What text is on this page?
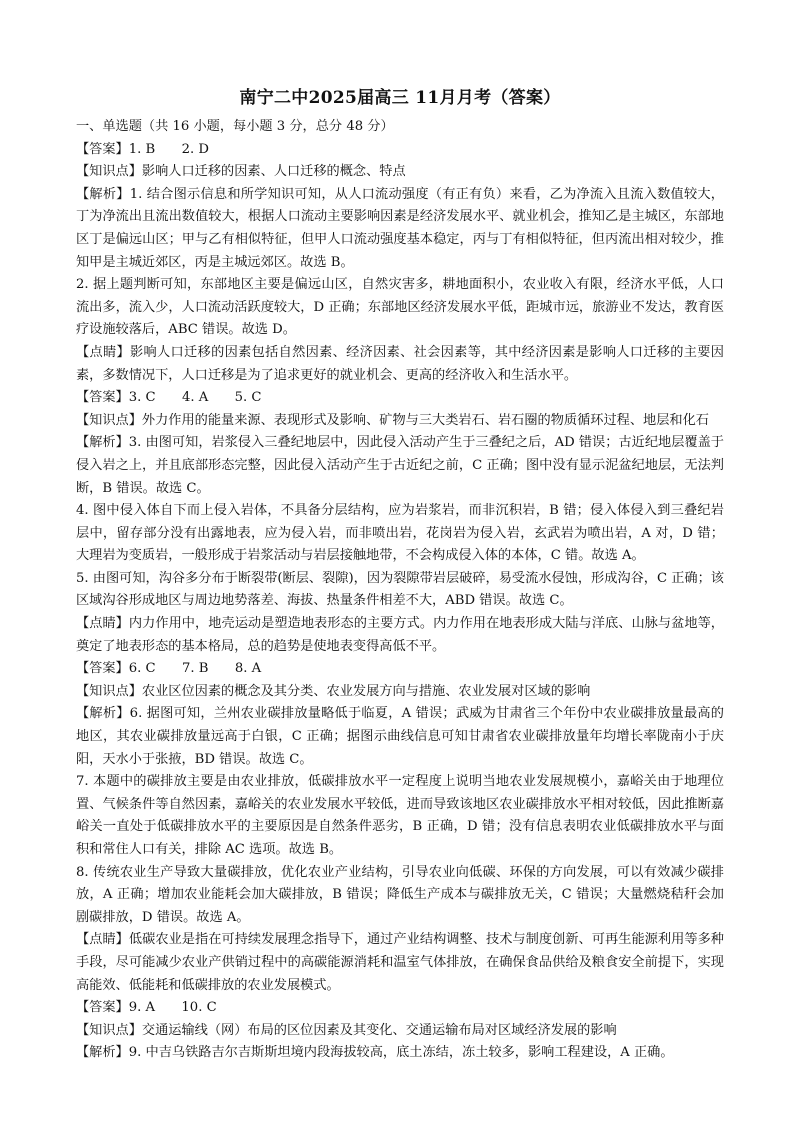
南宁二中2025届高三 11月月考（答案）

一、单选题（共 16 小题，每小题 3 分，总分 48 分）

【答案】1. B　　2. D

【知识点】影响人口迁移的因素、人口迁移的概念、特点

【解析】1. 结合图示信息和所学知识可知，从人口流动强度（有正有负）来看，乙为净流入且流入数值较大，丁为净流出且流出数值较大，根据人口流动主要影响因素是经济发展水平、就业机会，推知乙是主城区，东部地区丁是偏远山区；甲与乙有相似特征，但甲人口流动强度基本稳定，丙与丁有相似特征，但丙流出相对较少，推知甲是主城近郊区，丙是主城远郊区。故选 B。

2. 据上题判断可知，东部地区主要是偏远山区，自然灾害多，耕地面积小，农业收入有限，经济水平低，人口流出多，流入少，人口流动活跃度较大，D 正确；东部地区经济发展水平低，距城市远，旅游业不发达，教育医疗设施较落后，ABC 错误。故选 D。

【点睛】影响人口迁移的因素包括自然因素、经济因素、社会因素等，其中经济因素是影响人口迁移的主要因素，多数情况下，人口迁移是为了追求更好的就业机会、更高的经济收入和生活水平。

【答案】3. C　　4. A　　5. C

【知识点】外力作用的能量来源、表现形式及影响、矿物与三大类岩石、岩石圈的物质循环过程、地层和化石

【解析】3. 由图可知，岩浆侵入三叠纪地层中，因此侵入活动产生于三叠纪之后，AD 错误；古近纪地层覆盖于侵入岩之上，并且底部形态完整，因此侵入活动产生于古近纪之前，C 正确；图中没有显示泥盆纪地层，无法判断，B 错误。故选 C。

4. 图中侵入体自下而上侵入岩体，不具备分层结构，应为岩浆岩，而非沉积岩，B 错；侵入体侵入到三叠纪岩层中，留存部分没有出露地表，应为侵入岩，而非喷出岩，花岗岩为侵入岩，玄武岩为喷出岩，A 对，D 错；大理岩为变质岩，一般形成于岩浆活动与岩层接触地带，不会构成侵入体的本体，C 错。故选 A。

5. 由图可知，沟谷多分布于断裂带(断层、裂隙)，因为裂隙带岩层破碎，易受流水侵蚀，形成沟谷，C 正确；该区域沟谷形成地区与周边地势落差、海拔、热量条件相差不大，ABD 错误。故选 C。

【点睛】内力作用中，地壳运动是塑造地表形态的主要方式。内力作用在地表形成大陆与洋底、山脉与盆地等，奠定了地表形态的基本格局，总的趋势是使地表变得高低不平。

【答案】6. C　　7. B　　8. A

【知识点】农业区位因素的概念及其分类、农业发展方向与措施、农业发展对区域的影响

【解析】6. 据图可知，兰州农业碳排放量略低于临夏，A 错误；武威为甘肃省三个年份中农业碳排放量最高的地区，其农业碳排放量远高于白银，C 正确；据图示曲线信息可知甘肃省农业碳排放量年均增长率陇南小于庆阳，天水小于张掖，BD 错误。故选 C。

7. 本题中的碳排放主要是由农业排放，低碳排放水平一定程度上说明当地农业发展规模小，嘉峪关由于地理位置、气候条件等自然因素，嘉峪关的农业发展水平较低，进而导致该地区农业碳排放水平相对较低，因此推断嘉峪关一直处于低碳排放水平的主要原因是自然条件恶劣，B 正确，D 错；没有信息表明农业低碳排放水平与面积和常住人口有关，排除 AC 选项。故选 B。

8. 传统农业生产导致大量碳排放，优化农业产业结构，引导农业向低碳、环保的方向发展，可以有效减少碳排放，A 正确；增加农业能耗会加大碳排放，B 错误；降低生产成本与碳排放无关，C 错误；大量燃烧秸秆会加剧碳排放，D 错误。故选 A。

【点睛】低碳农业是指在可持续发展理念指导下，通过产业结构调整、技术与制度创新、可再生能源利用等多种手段，尽可能减少农业产供销过程中的高碳能源消耗和温室气体排放，在确保食品供给及粮食安全前提下，实现高能效、低能耗和低碳排放的农业发展模式。

【答案】9. A　　10. C

【知识点】交通运输线（网）布局的区位因素及其变化、交通运输布局对区域经济发展的影响

【解析】9. 中吉乌铁路吉尔吉斯斯坦境内段海拔较高，底土冻结，冻土较多，影响工程建设，A 正确。
